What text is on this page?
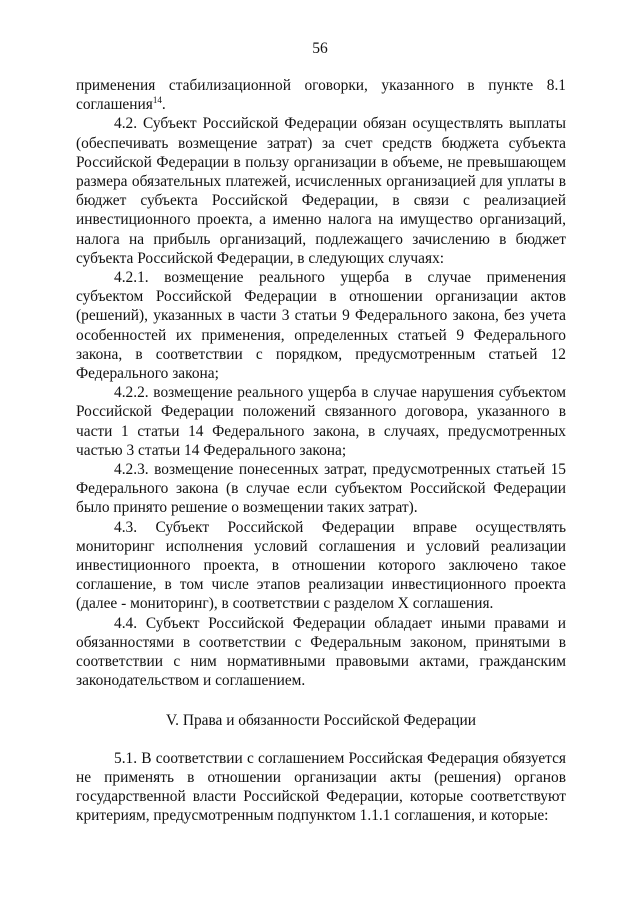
56

применения стабилизационной оговорки, указанного в пункте 8.1 соглашения$^{14}$.

4.2. Субъект Российской Федерации обязан осуществлять выплаты (обеспечивать возмещение затрат) за счет средств бюджета субъекта Российской Федерации в пользу организации в объеме, не превышающем размера обязательных платежей, исчисленных организацией для уплаты в бюджет субъекта Российской Федерации, в связи с реализацией инвестиционного проекта, а именно налога на имущество организаций, налога на прибыль организаций, подлежащего зачислению в бюджет субъекта Российской Федерации, в следующих случаях:

4.2.1. возмещение реального ущерба в случае применения субъектом Российской Федерации в отношении организации актов (решений), указанных в части 3 статьи 9 Федерального закона, без учета особенностей их применения, определенных статьей 9 Федерального закона, в соответствии с порядком, предусмотренным статьей 12 Федерального закона;

4.2.2. возмещение реального ущерба в случае нарушения субъектом Российской Федерации положений связанного договора, указанного в части 1 статьи 14 Федерального закона, в случаях, предусмотренных частью 3 статьи 14 Федерального закона;

4.2.3. возмещение понесенных затрат, предусмотренных статьей 15 Федерального закона (в случае если субъектом Российской Федерации было принято решение о возмещении таких затрат).

4.3. Субъект Российской Федерации вправе осуществлять мониторинг исполнения условий соглашения и условий реализации инвестиционного проекта, в отношении которого заключено такое соглашение, в том числе этапов реализации инвестиционного проекта (далее - мониторинг), в соответствии с разделом X соглашения.

4.4. Субъект Российской Федерации обладает иными правами и обязанностями в соответствии с Федеральным законом, принятыми в соответствии с ним нормативными правовыми актами, гражданским законодательством и соглашением.

V. Права и обязанности Российской Федерации

5.1. В соответствии с соглашением Российская Федерация обязуется не применять в отношении организации акты (решения) органов государственной власти Российской Федерации, которые соответствуют критериям, предусмотренным подпунктом 1.1.1 соглашения, и которые:
